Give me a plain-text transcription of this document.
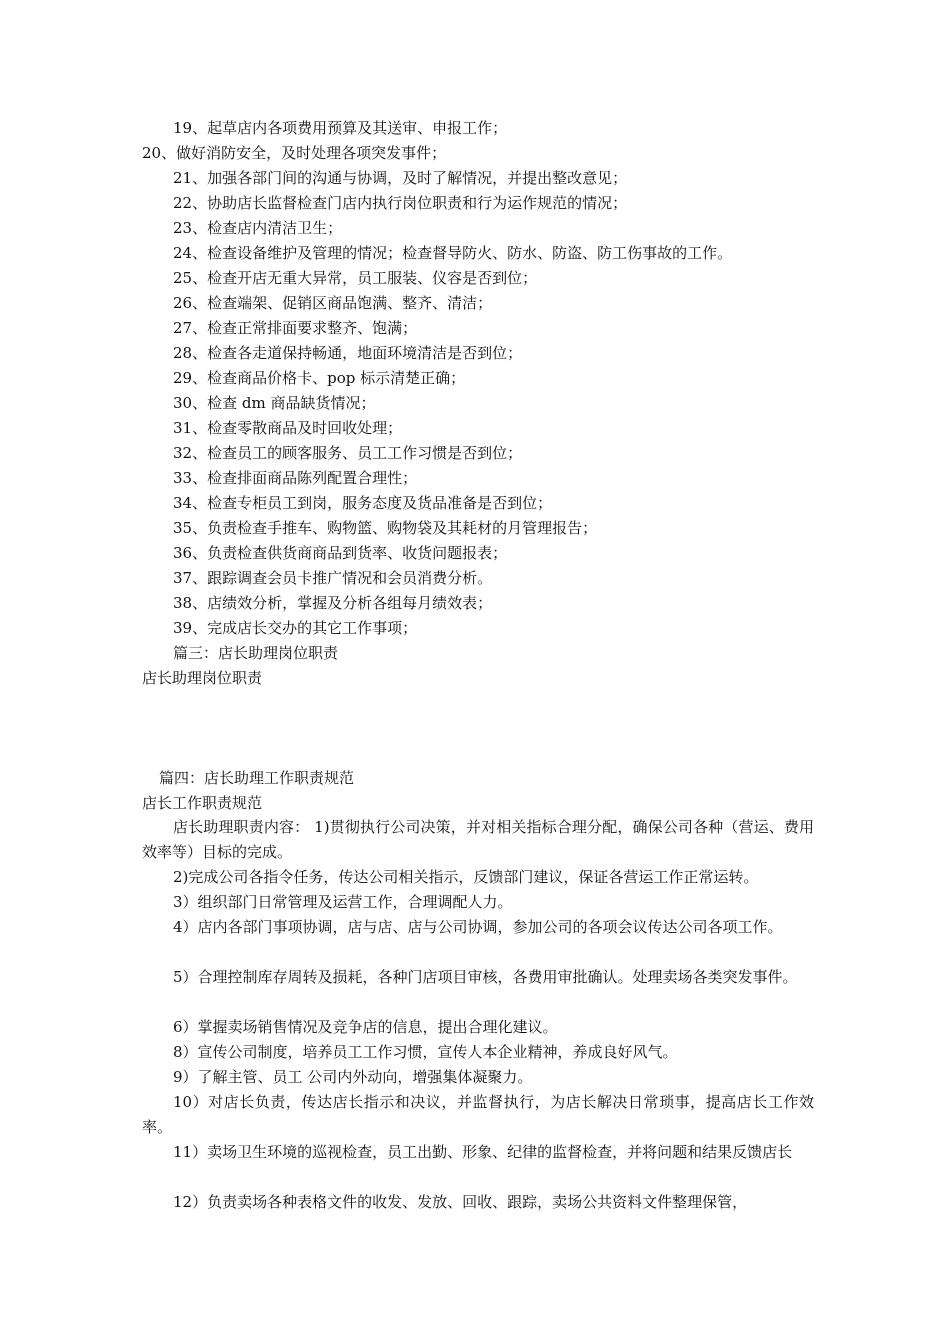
19、起草店内各项费用预算及其送审、申报工作；
20、做好消防安全，及时处理各项突发事件；
21、加强各部门间的沟通与协调，及时了解情况，并提出整改意见；
22、协助店长监督检查门店内执行岗位职责和行为运作规范的情况；
23、检查店内清洁卫生；
24、检查设备维护及管理的情况；检查督导防火、防水、防盗、防工伤事故的工作。
25、检查开店无重大异常，员工服装、仪容是否到位；
26、检查端架、促销区商品饱满、整齐、清洁；
27、检查正常排面要求整齐、饱满；
28、检查各走道保持畅通，地面环境清洁是否到位；
29、检查商品价格卡、pop 标示清楚正确；
30、检查 dm 商品缺货情况；
31、检查零散商品及时回收处理；
32、检查员工的顾客服务、员工工作习惯是否到位；
33、检查排面商品陈列配置合理性；
34、检查专柜员工到岗，服务态度及货品准备是否到位；
35、负责检查手推车、购物篮、购物袋及其耗材的月管理报告；
36、负责检查供货商商品到货率、收货问题报表；
37、跟踪调查会员卡推广情况和会员消费分析。
38、店绩效分析，掌握及分析各组每月绩效表；
39、完成店长交办的其它工作事项；
篇三：店长助理岗位职责
店长助理岗位职责
篇四：店长助理工作职责规范
店长工作职责规范
店长助理职责内容： 1)贯彻执行公司决策，并对相关指标合理分配，确保公司各种（营运、费用效率等）目标的完成。
2)完成公司各指令任务，传达公司相关指示，反馈部门建议，保证各营运工作正常运转。
3）组织部门日常管理及运营工作，合理调配人力。
4）店内各部门事项协调，店与店、店与公司协调，参加公司的各项会议传达公司各项工作。
5）合理控制库存周转及损耗，各种门店项目审核，各费用审批确认。处理卖场各类突发事件。
6）掌握卖场销售情况及竞争店的信息，提出合理化建议。
8）宣传公司制度，培养员工工作习惯，宣传人本企业精神，养成良好风气。
9）了解主管、员工 公司内外动向，增强集体凝聚力。
10）对店长负责，传达店长指示和决议，并监督执行，为店长解决日常琐事，提高店长工作效率。
11）卖场卫生环境的巡视检查，员工出勤、形象、纪律的监督检查，并将问题和结果反馈店长
12）负责卖场各种表格文件的收发、发放、回收、跟踪，卖场公共资料文件整理保管，
